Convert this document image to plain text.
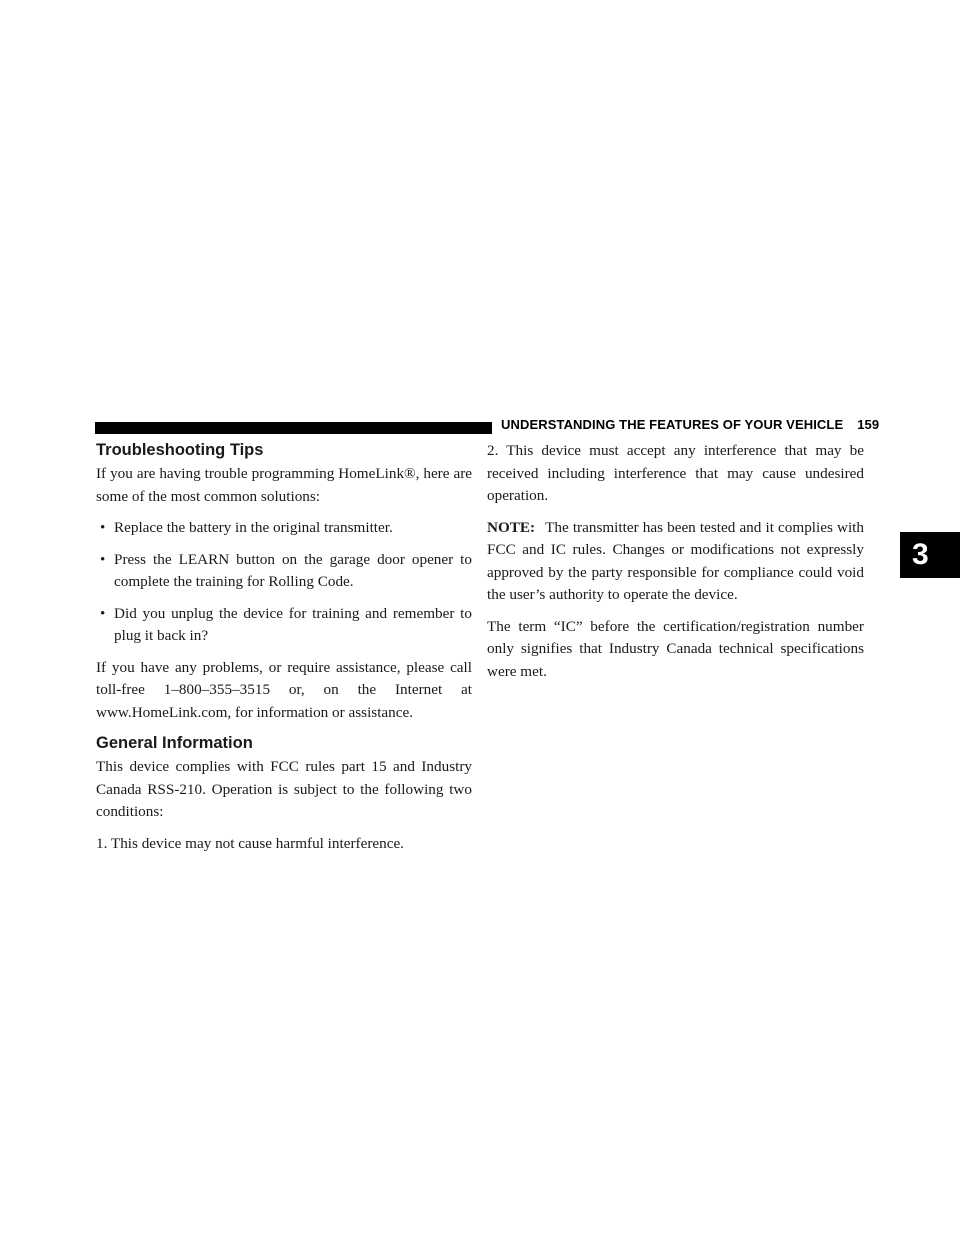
UNDERSTANDING THE FEATURES OF YOUR VEHICLE 159
3
Troubleshooting Tips

If you are having trouble programming HomeLink®, here are some of the most common solutions:

• Replace the battery in the original transmitter.
• Press the LEARN button on the garage door opener to complete the training for Rolling Code.
• Did you unplug the device for training and remember to plug it back in?

If you have any problems, or require assistance, please call toll-free 1–800–355–3515 or, on the Internet at www.HomeLink.com, for information or assistance.

General Information

This device complies with FCC rules part 15 and Industry Canada RSS-210. Operation is subject to the following two conditions:

1. This device may not cause harmful interference.

2. This device must accept any interference that may be received including interference that may cause undesired operation.

NOTE: The transmitter has been tested and it complies with FCC and IC rules. Changes or modifications not expressly approved by the party responsible for compliance could void the user’s authority to operate the device.

The term “IC” before the certification/registration number only signifies that Industry Canada technical specifications were met.
